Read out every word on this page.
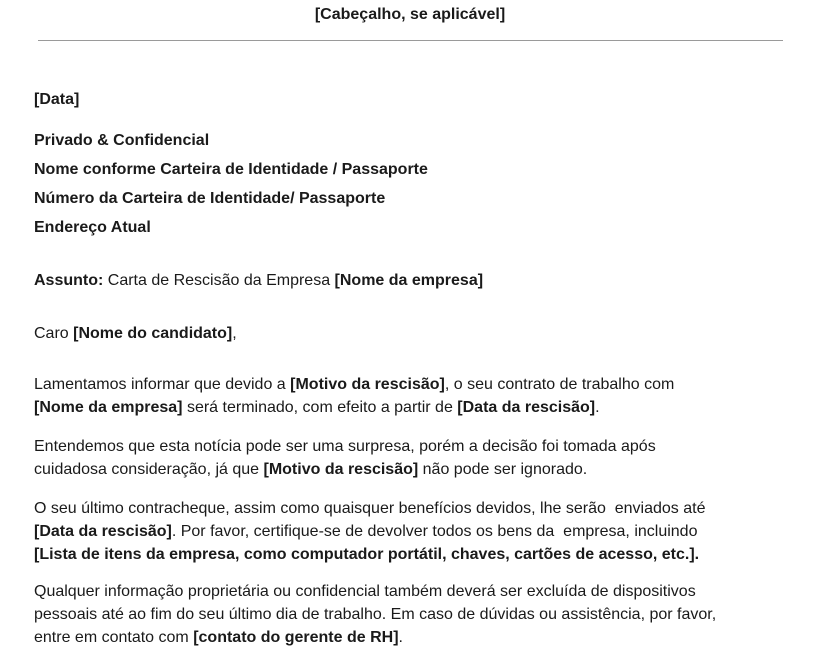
[Cabeçalho, se aplicável]
[Data]
Privado & Confidencial
Nome conforme Carteira de Identidade / Passaporte
Número da Carteira de Identidade/ Passaporte
Endereço Atual
Assunto: Carta de Rescisão da Empresa [Nome da empresa]
Caro [Nome do candidato],
Lamentamos informar que devido a [Motivo da rescisão], o seu contrato de trabalho com
[Nome da empresa] será terminado, com efeito a partir de [Data da rescisão].
Entendemos que esta notícia pode ser uma surpresa, porém a decisão foi tomada após
cuidadosa consideração, já que [Motivo da rescisão] não pode ser ignorado.
O seu último contracheque, assim como quaisquer benefícios devidos, lhe serão  enviados até
[Data da rescisão]. Por favor, certifique-se de devolver todos os bens da  empresa, incluindo
[Lista de itens da empresa, como computador portátil, chaves, cartões de acesso, etc.].
Qualquer informação proprietária ou confidencial também deverá ser excluída de dispositivos
pessoais até ao fim do seu último dia de trabalho. Em caso de dúvidas ou assistência, por favor,
entre em contato com [contato do gerente de RH].
